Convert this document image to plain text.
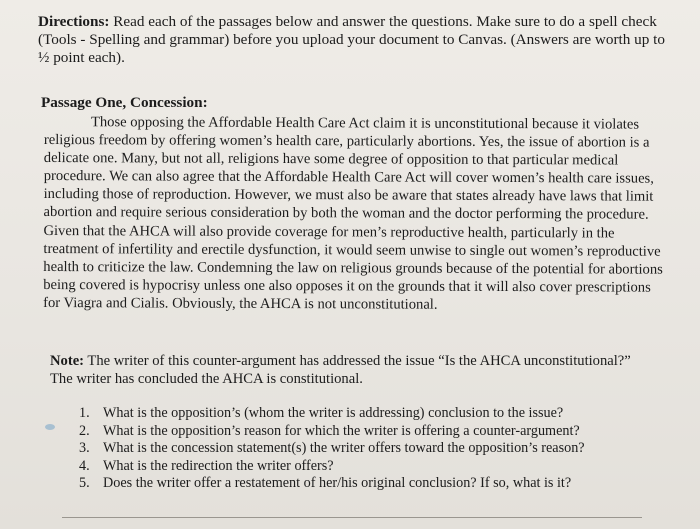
Directions: Read each of the passages below and answer the questions. Make sure to do a spell check (Tools - Spelling and grammar) before you upload your document to Canvas. (Answers are worth up to ½ point each).
Passage One, Concession:
Those opposing the Affordable Health Care Act claim it is unconstitutional because it violates religious freedom by offering women’s health care, particularly abortions. Yes, the issue of abortion is a delicate one. Many, but not all, religions have some degree of opposition to that particular medical procedure. We can also agree that the Affordable Health Care Act will cover women’s health care issues, including those of reproduction. However, we must also be aware that states already have laws that limit abortion and require serious consideration by both the woman and the doctor performing the procedure. Given that the AHCA will also provide coverage for men’s reproductive health, particularly in the treatment of infertility and erectile dysfunction, it would seem unwise to single out women’s reproductive health to criticize the law. Condemning the law on religious grounds because of the potential for abortions being covered is hypocrisy unless one also opposes it on the grounds that it will also cover prescriptions for Viagra and Cialis. Obviously, the AHCA is not unconstitutional.
Note: The writer of this counter-argument has addressed the issue “Is the AHCA unconstitutional?” The writer has concluded the AHCA is constitutional.
1. What is the opposition’s (whom the writer is addressing) conclusion to the issue?
2. What is the opposition’s reason for which the writer is offering a counter-argument?
3. What is the concession statement(s) the writer offers toward the opposition’s reason?
4. What is the redirection the writer offers?
5. Does the writer offer a restatement of her/his original conclusion? If so, what is it?
